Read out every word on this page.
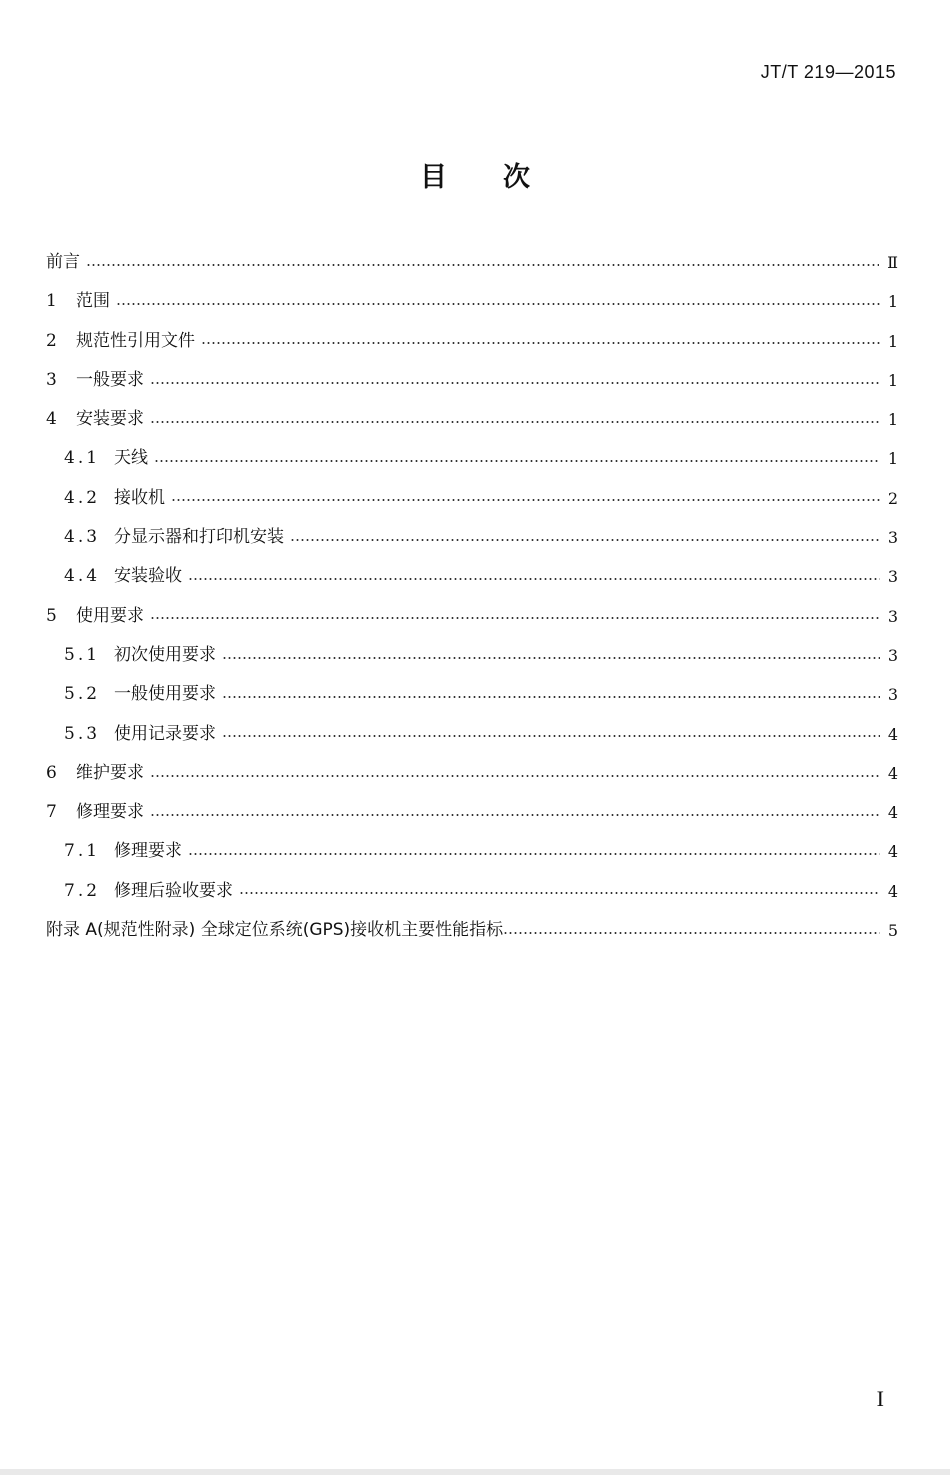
JT/T 219—2015
目次
前言	Ⅱ
1	范围	1
2	规范性引用文件	1
3	一般要求	1
4	安装要求	1
4.1 天线	1
4.2 接收机	2
4.3 分显示器和打印机安装	3
4.4 安装验收	3
5	使用要求	3
5.1 初次使用要求	3
5.2 一般使用要求	3
5.3 使用记录要求	4
6	维护要求	4
7	修理要求	4
7.1 修理要求	4
7.2 修理后验收要求	4
附录 A(规范性附录) 全球定位系统(GPS)接收机主要性能指标	5
I
